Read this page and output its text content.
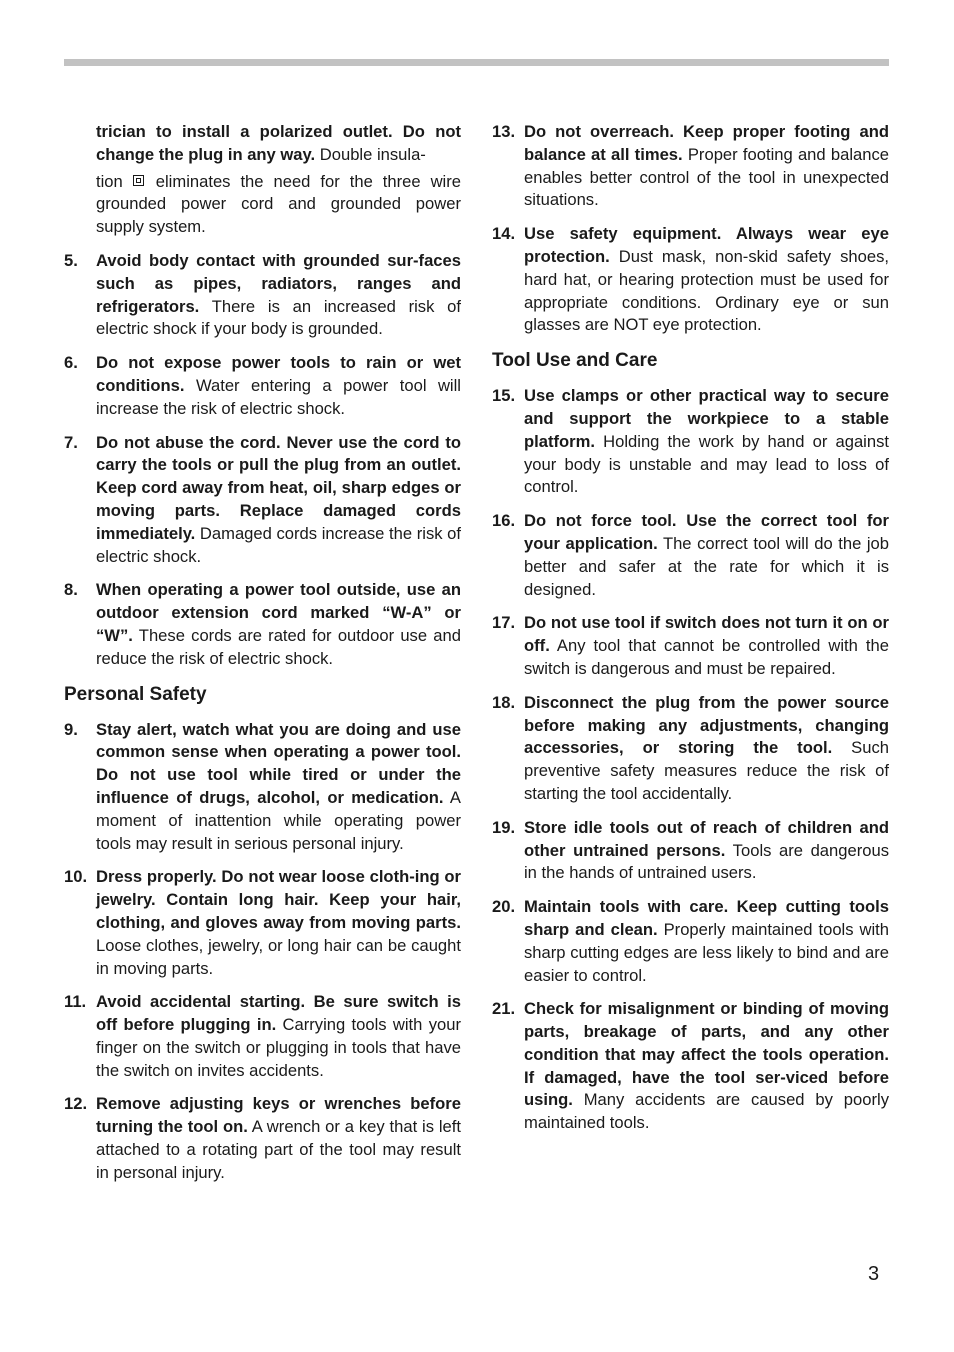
trician to install a polarized outlet. Do not change the plug in any way. Double insula-

tion eliminates the need for the three wire grounded power cord and grounded power supply system.

5.	Avoid body contact with grounded sur-faces such as pipes, radiators, ranges and refrigerators. There is an increased risk of electric shock if your body is grounded.
6.	Do not expose power tools to rain or wet conditions. Water entering a power tool will increase the risk of electric shock.
7.	Do not abuse the cord. Never use the cord to carry the tools or pull the plug from an outlet. Keep cord away from heat, oil, sharp edges or moving parts. Replace damaged cords immediately. Damaged cords increase the risk of electric shock.
8.	When operating a power tool outside, use an outdoor extension cord marked “W-A” or “W”. These cords are rated for outdoor use and reduce the risk of electric shock.
Personal Safety
9.	Stay alert, watch what you are doing and use common sense when operating a power tool. Do not use tool while tired or under the influence of drugs, alcohol, or medication. A moment of inattention while operating power tools may result in serious personal injury.
10. Dress properly. Do not wear loose cloth-ing or jewelry. Contain long hair. Keep your hair, clothing, and gloves away from moving parts. Loose clothes, jewelry, or long hair can be caught in moving parts.
11. Avoid accidental starting. Be sure switch is off before plugging in. Carrying tools with your finger on the switch or plugging in tools that have the switch on invites accidents.
12. Remove adjusting keys or wrenches before turning the tool on. A wrench or a key that is left attached to a rotating part of the tool may result in personal injury.
13. Do not overreach. Keep proper footing and balance at all times. Proper footing and balance enables better control of the tool in unexpected situations.
14. Use safety equipment. Always wear eye protection. Dust mask, non-skid safety shoes, hard hat, or hearing protection must be used for appropriate conditions. Ordinary eye or sun glasses are NOT eye protection.
Tool Use and Care
15. Use clamps or other practical way to secure and support the workpiece to a stable platform. Holding the work by hand or against your body is unstable and may lead to loss of control.
16. Do not force tool. Use the correct tool for your application. The correct tool will do the job better and safer at the rate for which it is designed.
17. Do not use tool if switch does not turn it on or off. Any tool that cannot be controlled with the switch is dangerous and must be repaired.
18. Disconnect the plug from the power source before making any adjustments, changing accessories, or storing the tool. Such preventive safety measures reduce the risk of starting the tool accidentally.
19. Store idle tools out of reach of children and other untrained persons. Tools are dangerous in the hands of untrained users.
20. Maintain tools with care. Keep cutting tools sharp and clean. Properly maintained tools with sharp cutting edges are less likely to bind and are easier to control.
21. Check for misalignment or binding of moving parts, breakage of parts, and any other condition that may affect the tools operation. If damaged, have the tool ser-viced before using. Many accidents are caused by poorly maintained tools.
3
